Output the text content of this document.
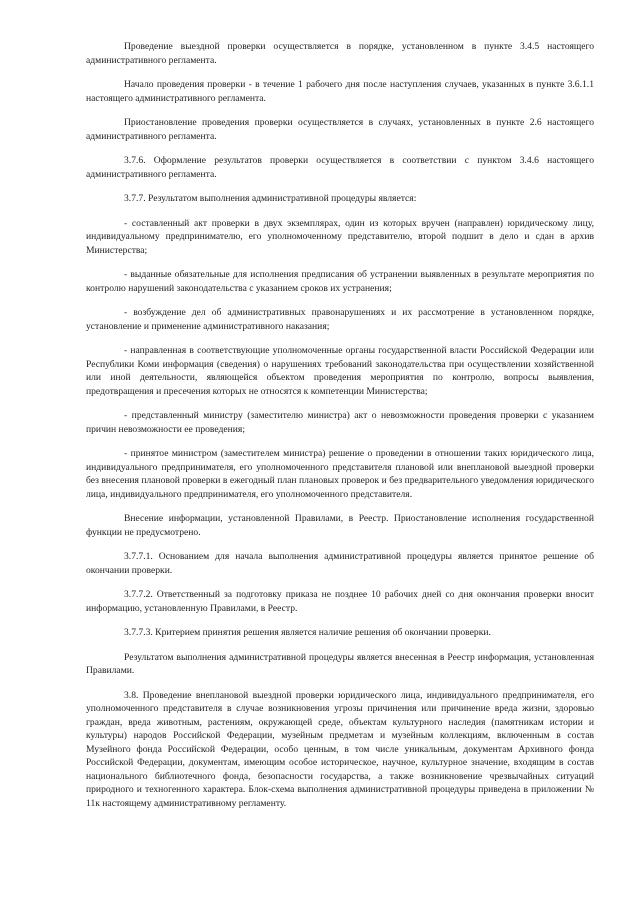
Проведение выездной проверки осуществляется в порядке, установленном в пункте 3.4.5 настоящего административного регламента.

Начало проведения проверки - в течение 1 рабочего дня после наступления случаев, указанных в пункте 3.6.1.1 настоящего административного регламента.

Приостановление проведения проверки осуществляется в случаях, установленных в пункте 2.6 настоящего административного регламента.

3.7.6. Оформление результатов проверки осуществляется в соответствии с пунктом 3.4.6 настоящего административного регламента.

3.7.7. Результатом выполнения административной процедуры является:

- составленный акт проверки в двух экземплярах, один из которых вручен (направлен) юридическому лицу, индивидуальному предпринимателю, его уполномоченному представителю, второй подшит в дело и сдан в архив Министерства;

- выданные обязательные для исполнения предписания об устранении выявленных в результате мероприятия по контролю нарушений законодательства с указанием сроков их устранения;

- возбуждение дел об административных правонарушениях и их рассмотрение в установленном порядке, установление и применение административного наказания;

- направленная в соответствующие уполномоченные органы государственной власти Российской Федерации или Республики Коми информация (сведения) о нарушениях требований законодательства при осуществлении хозяйственной или иной деятельности, являющейся объектом проведения мероприятия по контролю, вопросы выявления, предотвращения и пресечения которых не относятся к компетенции Министерства;

- представленный министру (заместителю министра) акт о невозможности проведения проверки с указанием причин невозможности ее проведения;

- принятое министром (заместителем министра) решение о проведении в отношении таких юридического лица, индивидуального предпринимателя, его уполномоченного представителя плановой или внеплановой выездной проверки без внесения плановой проверки в ежегодный план плановых проверок и без предварительного уведомления юридического лица, индивидуального предпринимателя, его уполномоченного представителя.

Внесение информации, установленной Правилами, в Реестр. Приостановление исполнения государственной функции не предусмотрено.

3.7.7.1. Основанием для начала выполнения административной процедуры является принятое решение об окончании проверки.

3.7.7.2. Ответственный за подготовку приказа не позднее 10 рабочих дней со дня окончания проверки вносит информацию, установленную Правилами, в Реестр.

3.7.7.3. Критерием принятия решения является наличие решения об окончании проверки.

Результатом выполнения административной процедуры является внесенная в Реестр информация, установленная Правилами.

3.8. Проведение внеплановой выездной проверки юридического лица, индивидуального предпринимателя, его уполномоченного представителя в случае возникновения угрозы причинения или причинение вреда жизни, здоровью граждан, вреда животным, растениям, окружающей среде, объектам культурного наследия (памятникам истории и культуры) народов Российской Федерации, музейным предметам и музейным коллекциям, включенным в состав Музейного фонда Российской Федерации, особо ценным, в том числе уникальным, документам Архивного фонда Российской Федерации, документам, имеющим особое историческое, научное, культурное значение, входящим в состав национального библиотечного фонда, безопасности государства, а также возникновение чрезвычайных ситуаций природного и техногенного характера. Блок-схема выполнения административной процедуры приведена в приложении № 11к настоящему административному регламенту.
